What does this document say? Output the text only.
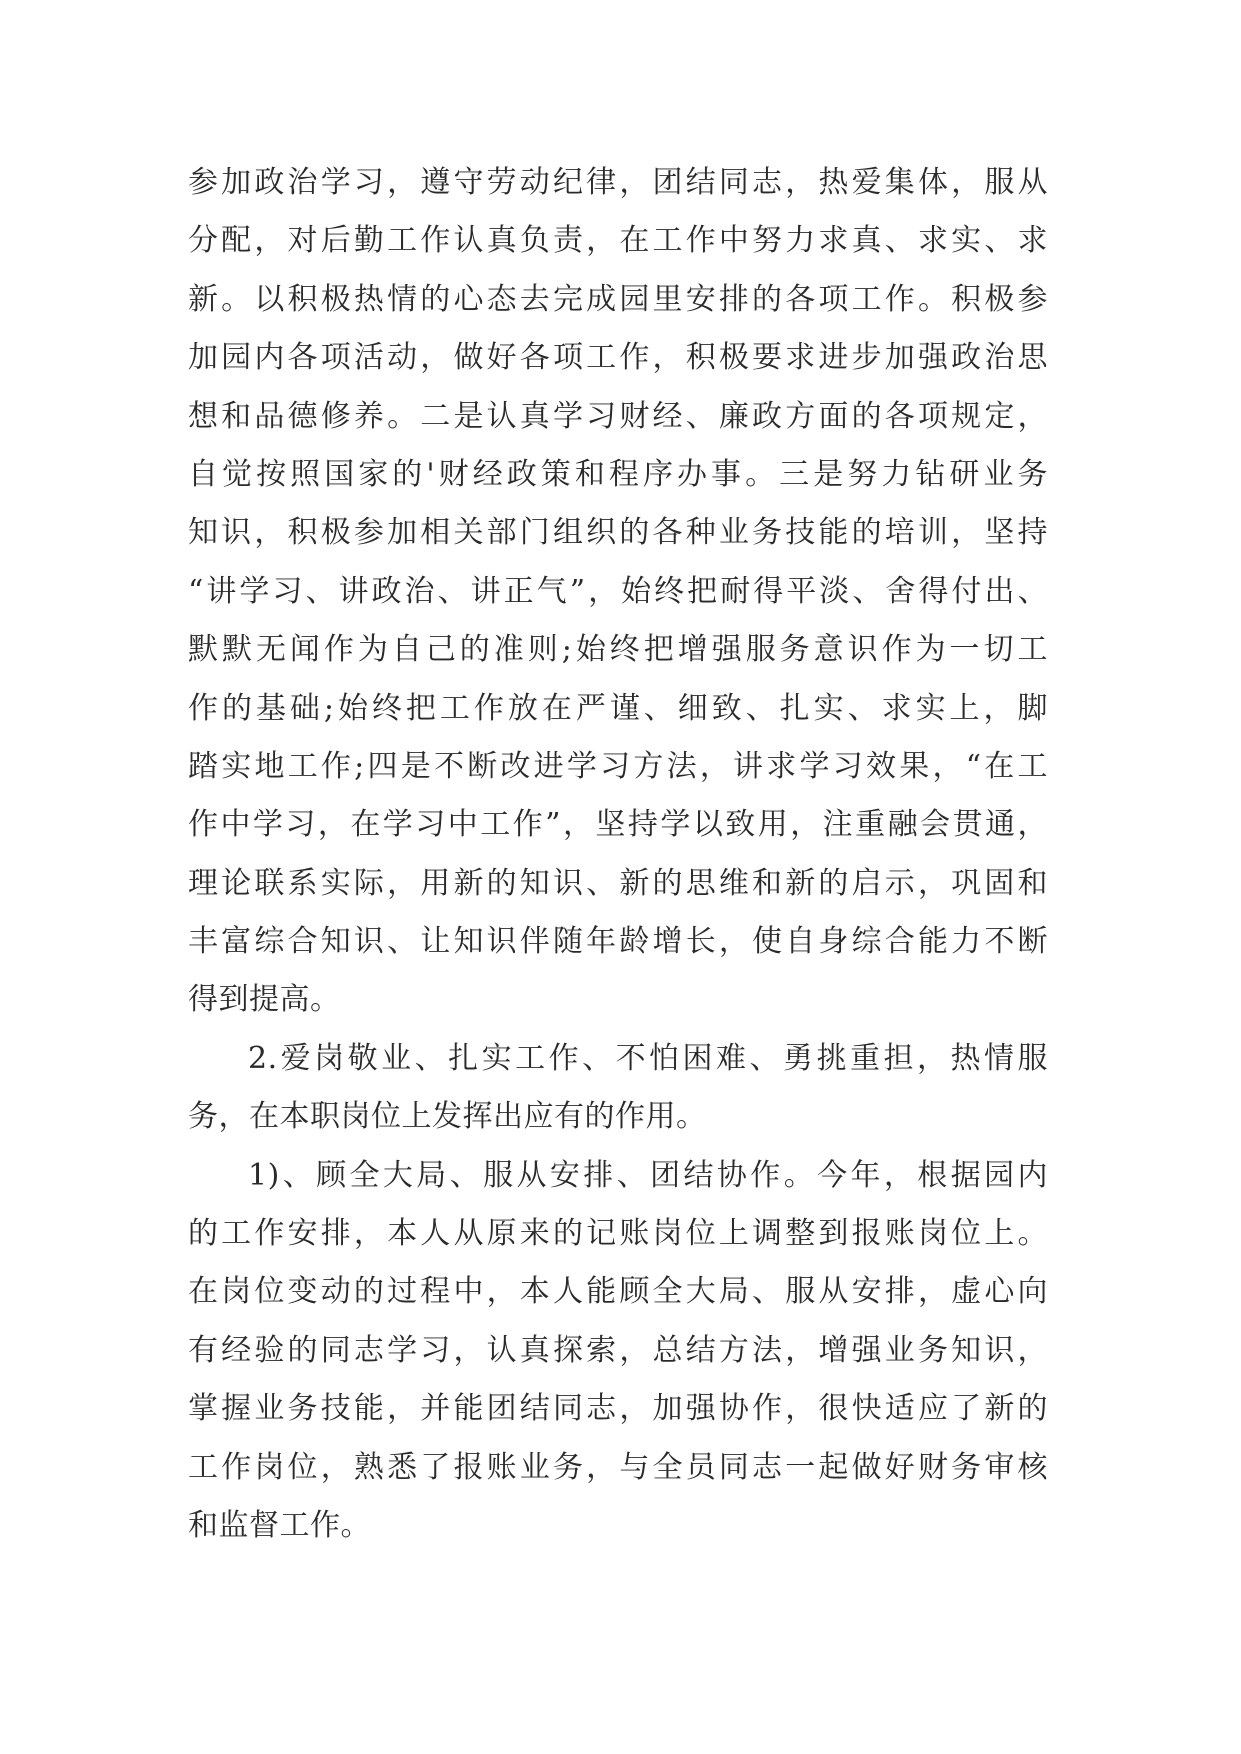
参加政治学习，遵守劳动纪律，团结同志，热爱集体，服从
分配，对后勤工作认真负责，在工作中努力求真、求实、求
新。以积极热情的心态去完成园里安排的各项工作。积极参
加园内各项活动，做好各项工作，积极要求进步加强政治思
想和品德修养。二是认真学习财经、廉政方面的各项规定，
自觉按照国家的'财经政策和程序办事。三是努力钻研业务
知识，积极参加相关部门组织的各种业务技能的培训，坚持
“讲学习、讲政治、讲正气”，始终把耐得平淡、舍得付出、
默默无闻作为自己的准则;始终把增强服务意识作为一切工
作的基础;始终把工作放在严谨、细致、扎实、求实上，脚
踏实地工作;四是不断改进学习方法，讲求学习效果，“在工
作中学习，在学习中工作”，坚持学以致用，注重融会贯通，
理论联系实际，用新的知识、新的思维和新的启示，巩固和
丰富综合知识、让知识伴随年龄增长，使自身综合能力不断
得到提高。
2.爱岗敬业、扎实工作、不怕困难、勇挑重担，热情服
务，在本职岗位上发挥出应有的作用。
1)、顾全大局、服从安排、团结协作。今年，根据园内
的工作安排，本人从原来的记账岗位上调整到报账岗位上。
在岗位变动的过程中，本人能顾全大局、服从安排，虚心向
有经验的同志学习，认真探索，总结方法，增强业务知识，
掌握业务技能，并能团结同志，加强协作，很快适应了新的
工作岗位，熟悉了报账业务，与全员同志一起做好财务审核
和监督工作。
